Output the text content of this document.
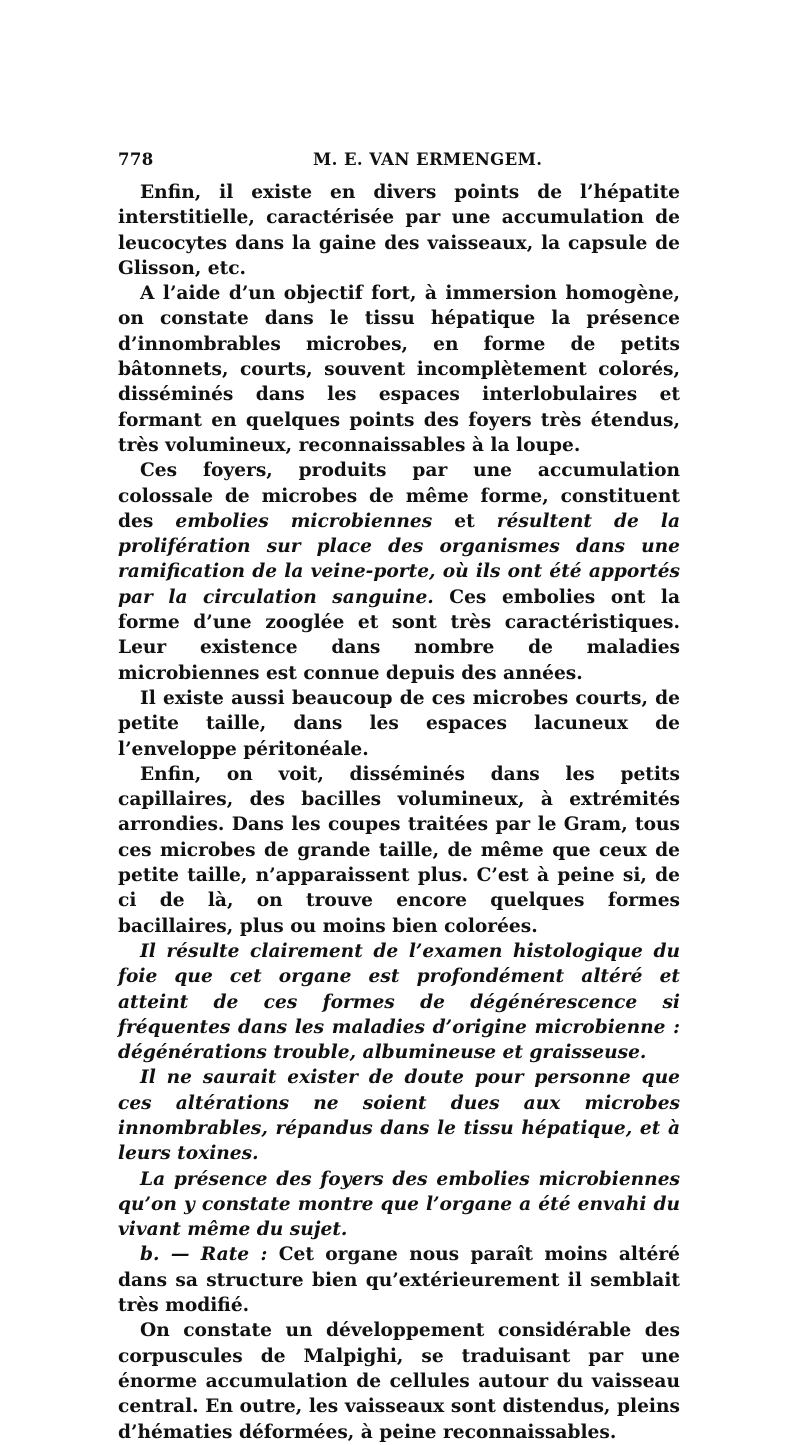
778	M. E. VAN ERMENGEM.

Enfin, il existe en divers points de l’hépatite interstitielle, caractérisée par une accumulation de leucocytes dans la gaine des vaisseaux, la capsule de Glisson, etc.

A l’aide d’un objectif fort, à immersion homogène, on constate dans le tissu hépatique la présence d’innombrables microbes, en forme de petits bâtonnets, courts, souvent incomplètement colorés, disséminés dans les espaces interlobulaires et formant en quelques points des foyers très étendus, très volumineux, reconnaissables à la loupe.

Ces foyers, produits par une accumulation colossale de microbes de même forme, constituent des embolies microbiennes et résultent de la prolifération sur place des organismes dans une ramification de la veine-porte, où ils ont été apportés par la circulation sanguine. Ces embolies ont la forme d’une zooglée et sont très caractéristiques. Leur existence dans nombre de maladies microbiennes est connue depuis des années.

Il existe aussi beaucoup de ces microbes courts, de petite taille, dans les espaces lacuneux de l’enveloppe péritonéale.

Enfin, on voit, disséminés dans les petits capillaires, des bacilles volumineux, à extrémités arrondies. Dans les coupes traitées par le Gram, tous ces microbes de grande taille, de même que ceux de petite taille, n’apparaissent plus. C’est à peine si, de ci de là, on trouve encore quelques formes bacillaires, plus ou moins bien colorées.

Il résulte clairement de l’examen histologique du foie que cet organe est profondément altéré et atteint de ces formes de dégénérescence si fréquentes dans les maladies d’origine microbienne : dégénérations trouble, albumineuse et graisseuse.

Il ne saurait exister de doute pour personne que ces altérations ne soient dues aux microbes innombrables, répandus dans le tissu hépatique, et à leurs toxines.

La présence des foyers des embolies microbiennes qu’on y constate montre que l’organe a été envahi du vivant même du sujet.

b. — Rate : Cet organe nous paraît moins altéré dans sa structure bien qu’extérieurement il semblait très modifié.

On constate un développement considérable des corpuscules de Malpighi, se traduisant par une énorme accumulation de cellules autour du vaisseau central. En outre, les vaisseaux sont distendus, pleins d’hématies déformées, à peine reconnaissables.
